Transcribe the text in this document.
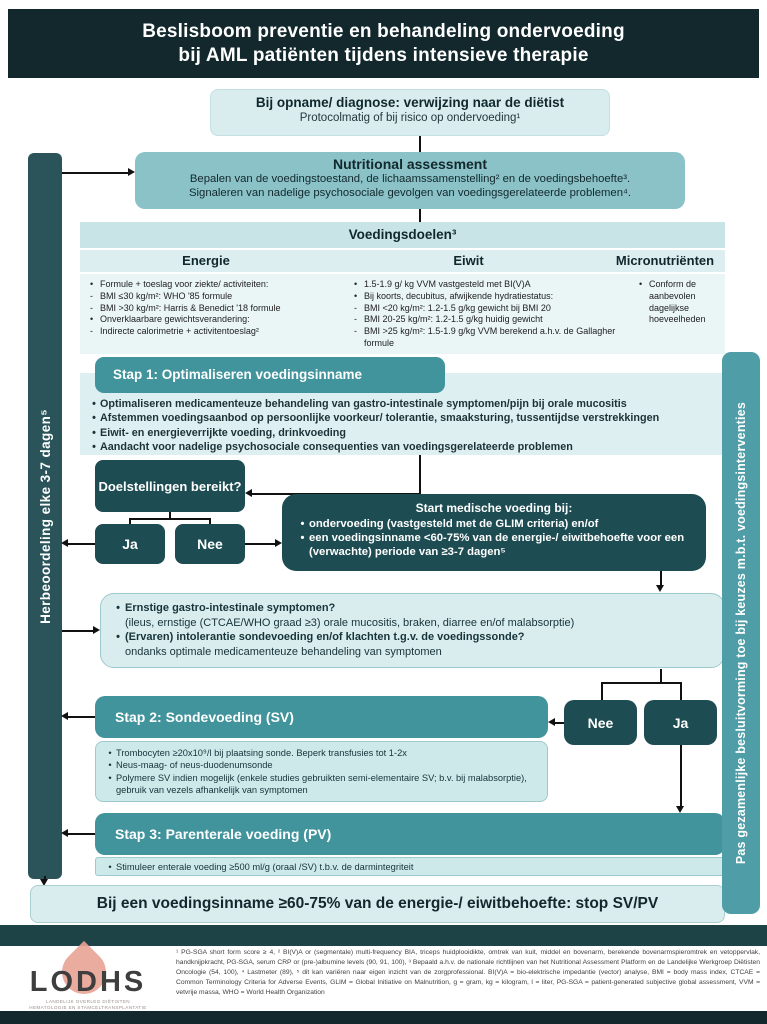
Beslisboom preventie en behandeling ondervoeding
bij AML patiënten tijdens intensieve therapie
Bij opname/ diagnose: verwijzing naar de diëtist
Protocolmatig of bij risico op ondervoeding¹
Herbeoordeling elke 3-7 dagen⁵
Nutritional assessment
Bepalen van de voedingstoestand, de lichaamssamenstelling² en de voedingsbehoefte³.
Signaleren van nadelige psychosociale gevolgen van voedingsgerelateerde problemen⁴.
Voedingsdoelen³
Energie	Eiwit	Micronutriënten
• Formule + toeslag voor ziekte/ activiteiten:
- BMI ≤30 kg/m²: WHO '85 formule
- BMI >30 kg/m²: Harris & Benedict '18 formule
• Onverklaarbare gewichtsverandering:
- Indirecte calorimetrie + activitentoeslag²
• 1.5-1.9 g/ kg VVM vastgesteld met BI(V)A
• Bij koorts, decubitus, afwijkende hydratiestatus:
- BMI <20 kg/m²: 1.2-1.5 g/kg gewicht bij BMI 20
- BMI 20-25 kg/m²: 1.2-1.5 g/kg huidig gewicht
- BMI >25 kg/m²: 1.5-1.9 g/kg VVM berekend a.h.v. de Gallagher formule
• Conform de aanbevolen dagelijkse hoeveelheden
Stap 1: Optimaliseren voedingsinname
• Optimaliseren medicamenteuze behandeling van gastro-intestinale symptomen/pijn bij orale mucositis
• Afstemmen voedingsaanbod op persoonlijke voorkeur/ tolerantie, smaaksturing, tussentijdse verstrekkingen
• Eiwit- en energieverrijkte voeding, drinkvoeding
• Aandacht voor nadelige psychosociale consequenties van voedingsgerelateerde problemen
Doelstellingen bereikt?
Ja	Nee
Start medische voeding bij:
• ondervoeding (vastgesteld met de GLIM criteria) en/of
• een voedingsinname <60-75% van de energie-/ eiwitbehoefte voor een (verwachte) periode van ≥3-7 dagen⁵
• Ernstige gastro-intestinale symptomen?
(ileus, ernstige (CTCAE/WHO graad ≥3) orale mucositis, braken, diarree en/of malabsorptie)
• (Ervaren) intolerantie sondevoeding en/of klachten t.g.v. de voedingssonde?
ondanks optimale medicamenteuze behandeling van symptomen
Nee	Ja
Stap 2: Sondevoeding (SV)
• Trombocyten ≥20x10⁹/l bij plaatsing sonde. Beperk transfusies tot 1-2x
• Neus-maag- of neus-duodenumsonde
• Polymere SV indien mogelijk (enkele studies gebruikten semi-elementaire SV; b.v. bij malabsorptie), gebruik van vezels afhankelijk van symptomen
Stap 3: Parenterale voeding (PV)
• Stimuleer enterale voeding ≥500 ml/g (oraal /SV) t.b.v. de darmintegriteit
Bij een voedingsinname ≥60-75% van de energie-/ eiwitbehoefte: stop SV/PV
Pas gezamenlijke besluitvorming toe bij keuzes m.b.t. voedingsinterventies
LODHS
LANDELIJK OVERLEG DIËTISTEN
HEMATOLOGIE EN STAMCELTRANSPLANTATIE
¹ PG-SGA short form score ≥ 4, ² BI(V)A or (segmentale) multi-frequency BIA, triceps huidplooidikte, omtrek van kuit, middel en bovenarm, berekende bovenarmspieromtrek en vetoppervlak, handknijpkracht, PG-SGA, serum CRP or (pre-)albumine levels (90, 91, 100), ³ Bepaald a.h.v. de nationale richtlijnen van het Nutritional Assessment Platform en de Landelijke Werkgroep Diëtisten Oncologie (54, 100), ⁴ Lastmeter (89), ⁵ dit kan variëren naar eigen inzicht van de zorgprofessional. BI(V)A = bio-elektrische impedantie (vector) analyse, BMI = body mass index, CTCAE = Common Terminology Criteria for Adverse Events, GLIM = Global Initiative on Malnutrition, g = gram, kg = kilogram, l = liter, PG-SGA = patient-generated subjective global assessment, VVM = vetvrije massa, WHO = World Health Organization
